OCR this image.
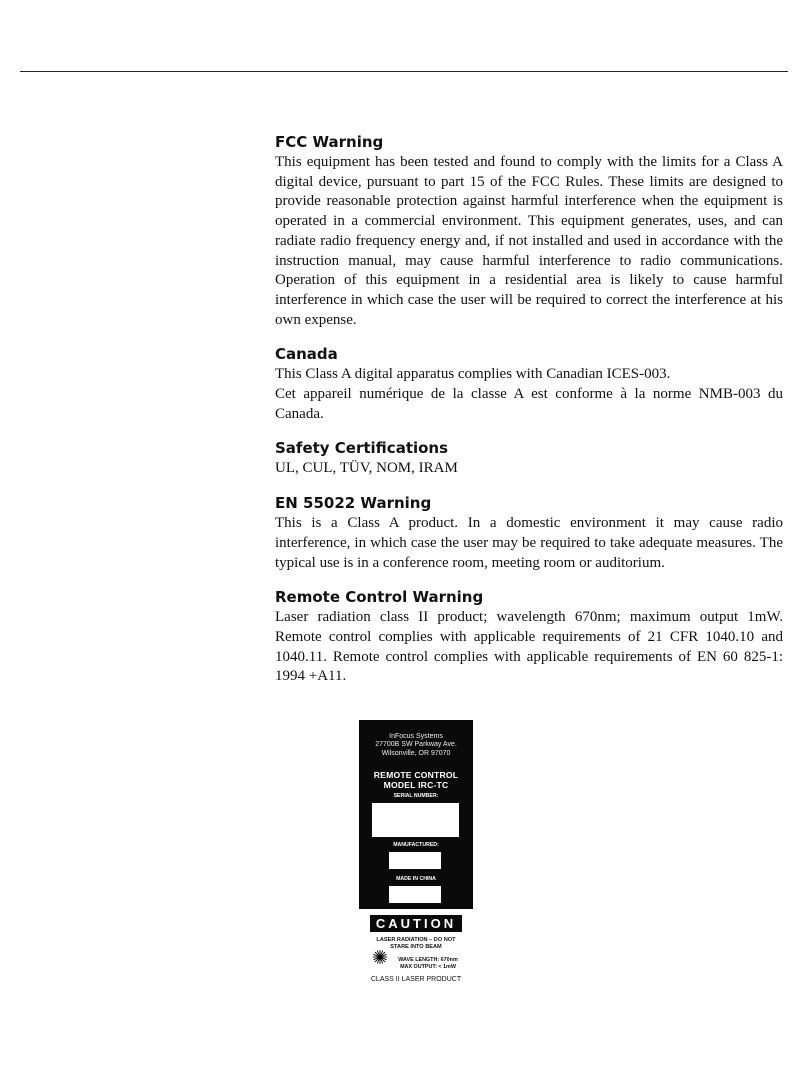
FCC Warning

This equipment has been tested and found to comply with the limits for a Class A digital device, pursuant to part 15 of the FCC Rules. These limits are designed to provide reasonable protection against harmful interference when the equipment is operated in a commercial environment. This equipment generates, uses, and can radiate radio frequency energy and, if not installed and used in accordance with the instruction manual, may cause harmful interference to radio communications. Operation of this equipment in a residential area is likely to cause harmful interference in which case the user will be required to correct the interference at his own expense.

Canada

This Class A digital apparatus complies with Canadian ICES-003.

Cet appareil numérique de la classe A est conforme à la norme NMB-003 du Canada.

Safety Certifications

UL, CUL, TÜV, NOM, IRAM

EN 55022 Warning

This is a Class A product. In a domestic environment it may cause radio interference, in which case the user may be required to take adequate measures. The typical use is in a conference room, meeting room or auditorium.

Remote Control Warning

Laser radiation class II product; wavelength 670nm; maximum output 1mW. Remote control complies with applicable requirements of 21 CFR 1040.10 and 1040.11. Remote control complies with applicable requirements of EN 60 825-1: 1994 +A11.

InFocus Systems
27700B SW Parkway Ave.
Wilsonville, OR 97070
REMOTE CONTROL
MODEL IRC-TC
SERIAL NUMBER:
MANUFACTURED:
MADE IN CHINA
CAUTION
LASER RADIATION – DO NOT
STARE INTO BEAM
WAVE LENGTH: 670nm
MAX OUTPUT: < 1mW
CLASS II LASER PRODUCT
